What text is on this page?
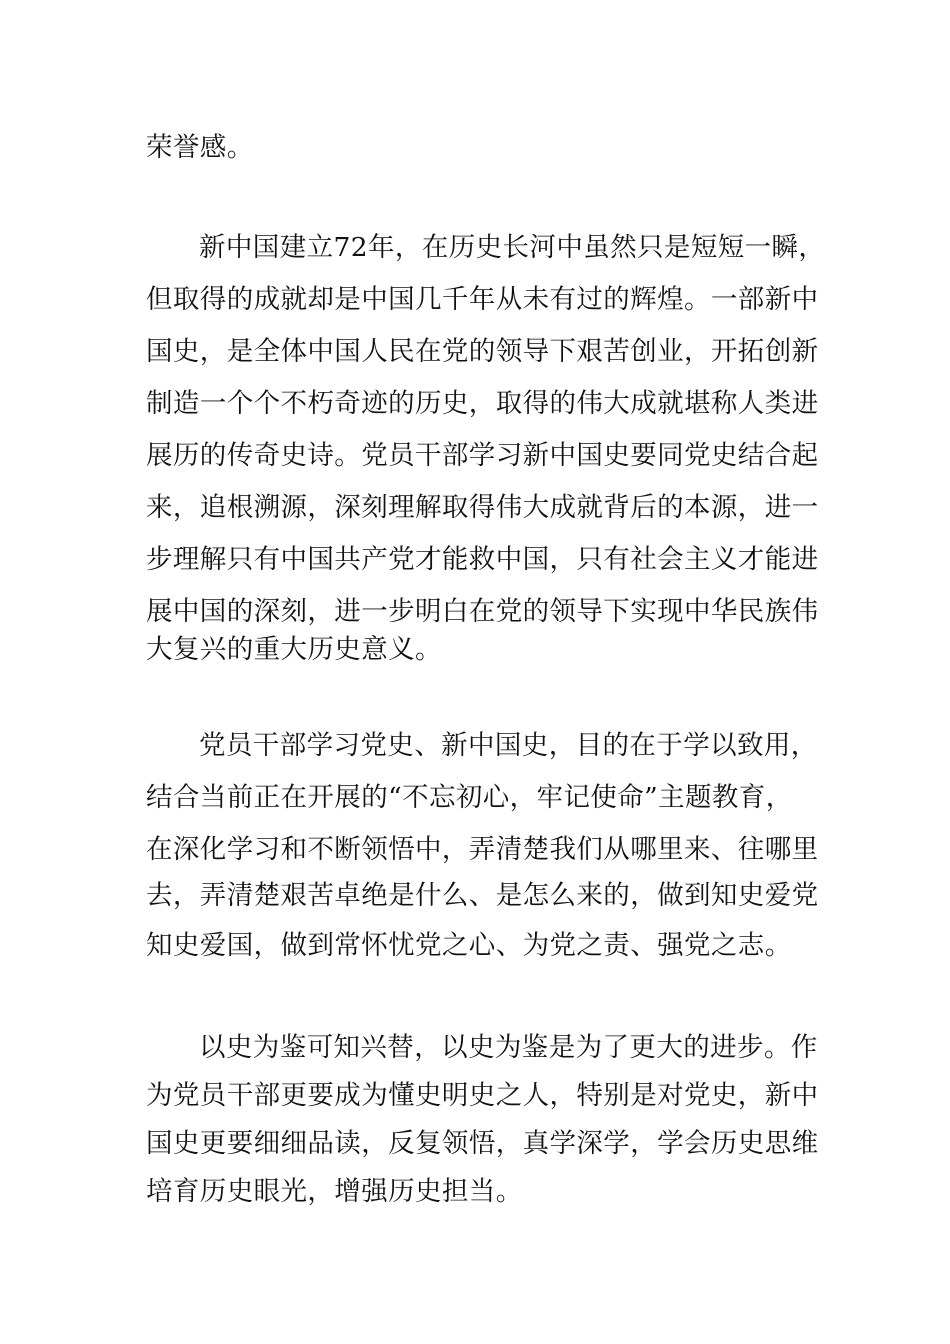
荣誉感。
新中国建立72年，在历史长河中虽然只是短短一瞬，
但取得的成就却是中国几千年从未有过的辉煌。一部新中
国史，是全体中国人民在党的领导下艰苦创业，开拓创新
制造一个个不朽奇迹的历史，取得的伟大成就堪称人类进
展历的传奇史诗。党员干部学习新中国史要同党史结合起
来，追根溯源，深刻理解取得伟大成就背后的本源，进一
步理解只有中国共产党才能救中国，只有社会主义才能进
展中国的深刻，进一步明白在党的领导下实现中华民族伟
大复兴的重大历史意义。
党员干部学习党史、新中国史，目的在于学以致用，
结合当前正在开展的“不忘初心，牢记使命”主题教育，
在深化学习和不断领悟中，弄清楚我们从哪里来、往哪里
去，弄清楚艰苦卓绝是什么、是怎么来的，做到知史爱党
知史爱国，做到常怀忧党之心、为党之责、强党之志。
以史为鉴可知兴替，以史为鉴是为了更大的进步。作
为党员干部更要成为懂史明史之人，特别是对党史，新中
国史更要细细品读，反复领悟，真学深学，学会历史思维
培育历史眼光，增强历史担当。
